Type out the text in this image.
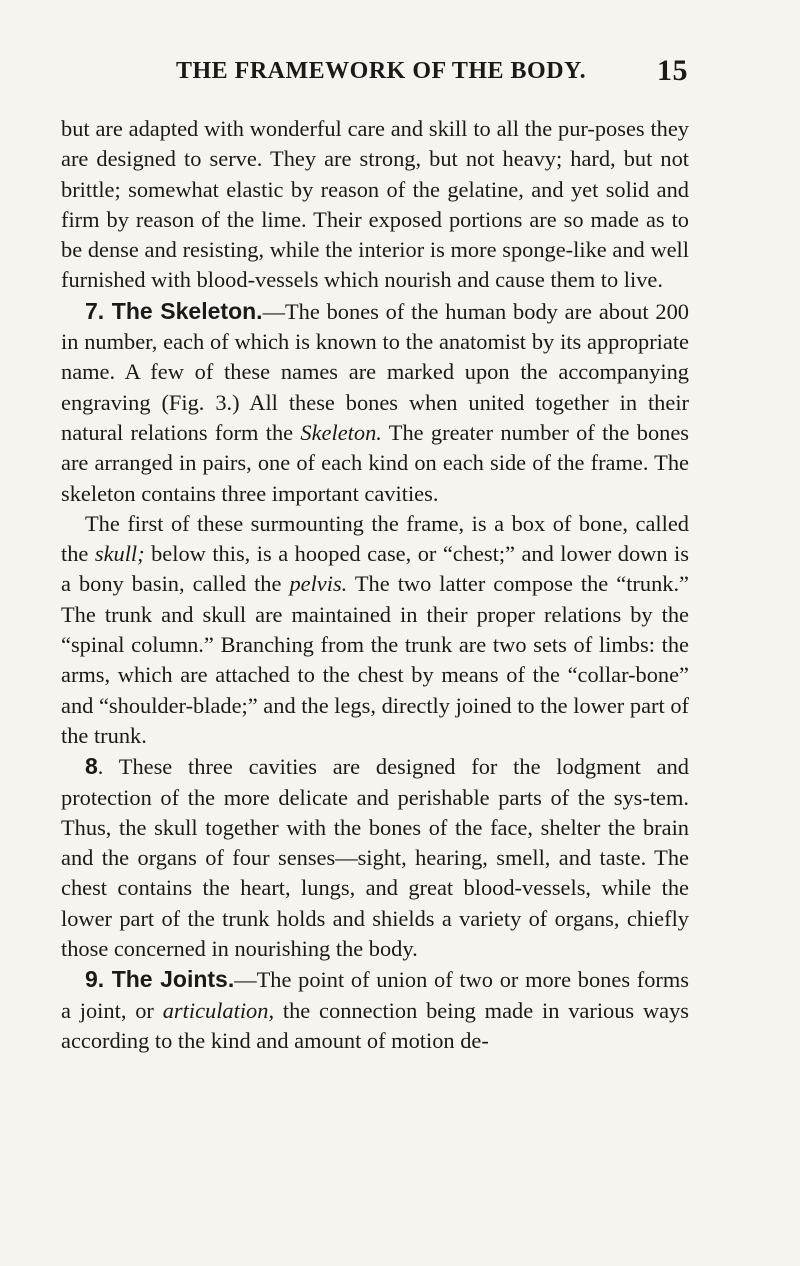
THE FRAMEWORK OF THE BODY. 15

but are adapted with wonderful care and skill to all the pur-poses they are designed to serve. They are strong, but not heavy; hard, but not brittle; somewhat elastic by reason of the gelatine, and yet solid and firm by reason of the lime. Their exposed portions are so made as to be dense and resisting, while the interior is more sponge-like and well furnished with blood-vessels which nourish and cause them to live.

7. The Skeleton.—The bones of the human body are about 200 in number, each of which is known to the anatomist by its appropriate name. A few of these names are marked upon the accompanying engraving (Fig. 3.) All these bones when united together in their natural relations form the Skeleton. The greater number of the bones are arranged in pairs, one of each kind on each side of the frame. The skeleton contains three important cavities.

The first of these surmounting the frame, is a box of bone, called the skull; below this, is a hooped case, or “chest;” and lower down is a bony basin, called the pelvis. The two latter compose the “trunk.” The trunk and skull are maintained in their proper relations by the “spinal column.” Branching from the trunk are two sets of limbs: the arms, which are attached to the chest by means of the “collar-bone” and “shoulder-blade;” and the legs, directly joined to the lower part of the trunk.

8. These three cavities are designed for the lodgment and protection of the more delicate and perishable parts of the sys-tem. Thus, the skull together with the bones of the face, shelter the brain and the organs of four senses—sight, hearing, smell, and taste. The chest contains the heart, lungs, and great blood-vessels, while the lower part of the trunk holds and shields a variety of organs, chiefly those concerned in nourishing the body.

9. The Joints.—The point of union of two or more bones forms a joint, or articulation, the connection being made in various ways according to the kind and amount of motion de-
